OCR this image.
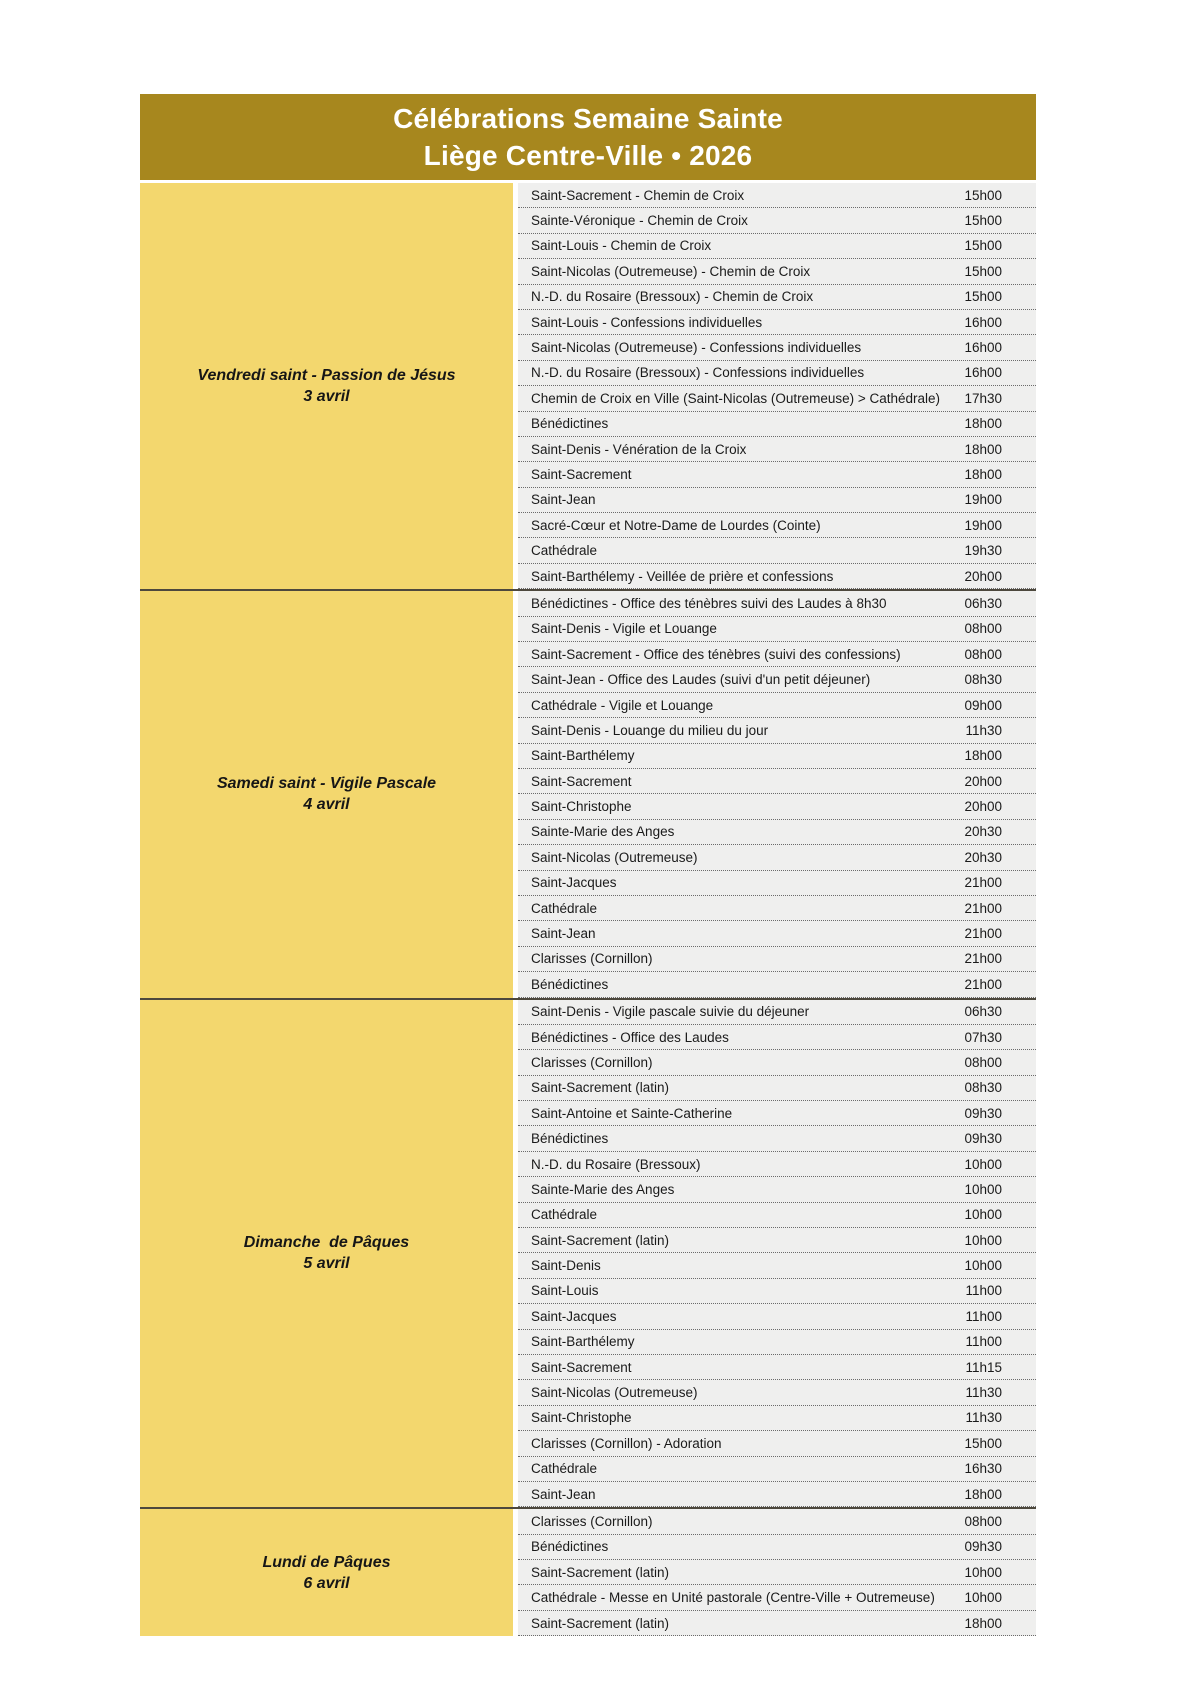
Célébrations Semaine Sainte
Liège Centre-Ville • 2026
Vendredi saint - Passion de Jésus
3 avril
Saint-Sacrement - Chemin de Croix	15h00
Sainte-Véronique - Chemin de Croix	15h00
Saint-Louis - Chemin de Croix	15h00
Saint-Nicolas (Outremeuse) - Chemin de Croix	15h00
N.-D. du Rosaire (Bressoux) - Chemin de Croix	15h00
Saint-Louis - Confessions individuelles	16h00
Saint-Nicolas (Outremeuse) - Confessions individuelles	16h00
N.-D. du Rosaire (Bressoux) - Confessions individuelles	16h00
Chemin de Croix en Ville (Saint-Nicolas (Outremeuse) > Cathédrale) 17h30
Bénédictines	18h00
Saint-Denis - Vénération de la Croix	18h00
Saint-Sacrement	18h00
Saint-Jean	19h00
Sacré-Cœur et Notre-Dame de Lourdes (Cointe)	19h00
Cathédrale	19h30
Saint-Barthélemy - Veillée de prière et confessions	20h00
Samedi saint - Vigile Pascale
4 avril
Bénédictines - Office des ténèbres suivi des Laudes à 8h30	06h30
Saint-Denis - Vigile et Louange	08h00
Saint-Sacrement - Office des ténèbres (suivi des confessions)	08h00
Saint-Jean - Office des Laudes (suivi d'un petit déjeuner)	08h30
Cathédrale - Vigile et Louange	09h00
Saint-Denis - Louange du milieu du jour	11h30
Saint-Barthélemy	18h00
Saint-Sacrement	20h00
Saint-Christophe	20h00
Sainte-Marie des Anges	20h30
Saint-Nicolas (Outremeuse)	20h30
Saint-Jacques	21h00
Cathédrale	21h00
Saint-Jean	21h00
Clarisses (Cornillon)	21h00
Bénédictines	21h00
Dimanche  de Pâques
5 avril
Saint-Denis - Vigile pascale suivie du déjeuner	06h30
Bénédictines - Office des Laudes	07h30
Clarisses (Cornillon)	08h00
Saint-Sacrement (latin)	08h30
Saint-Antoine et Sainte-Catherine	09h30
Bénédictines	09h30
N.-D. du Rosaire (Bressoux)	10h00
Sainte-Marie des Anges	10h00
Cathédrale	10h00
Saint-Sacrement (latin)	10h00
Saint-Denis	10h00
Saint-Louis	11h00
Saint-Jacques	11h00
Saint-Barthélemy	11h00
Saint-Sacrement	11h15
Saint-Nicolas (Outremeuse)	11h30
Saint-Christophe	11h30
Clarisses (Cornillon) - Adoration	15h00
Cathédrale	16h30
Saint-Jean	18h00
Lundi de Pâques
6 avril
Clarisses (Cornillon)	08h00
Bénédictines	09h30
Saint-Sacrement (latin)	10h00
Cathédrale - Messe en Unité pastorale (Centre-Ville + Outremeuse) 10h00
Saint-Sacrement (latin)	18h00
